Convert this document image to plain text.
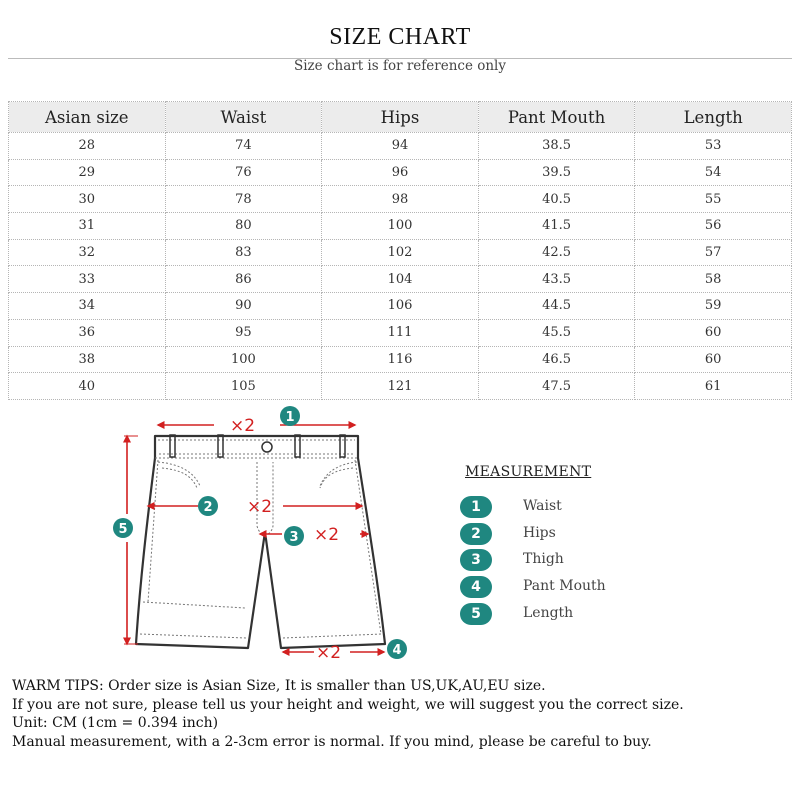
SIZE CHART
Size chart is for reference only
Asian size	Waist	Hips	Pant Mouth	Length
28	74	94	38.5	53
29	76	96	39.5	54
30	78	98	40.5	55
31	80	100	41.5	56
32	83	102	42.5	57
33	86	104	43.5	58
34	90	106	44.5	59
36	95	111	45.5	60
38	100	116	46.5	60
40	105	121	47.5	61
×2
×2
×2
×2
1
2
3
4
5
MEASUREMENT
1	Waist
2	Hips
3	Thigh
4	Pant Mouth
5	Length

WARM TIPS: Order size is Asian Size, It is smaller than US,UK,AU,EU size.

If you are not sure, please tell us your height and weight, we will suggest you the correct size.

Unit: CM (1cm = 0.394 inch)

Manual measurement, with a 2-3cm error is normal. If you mind, please be careful to buy.
